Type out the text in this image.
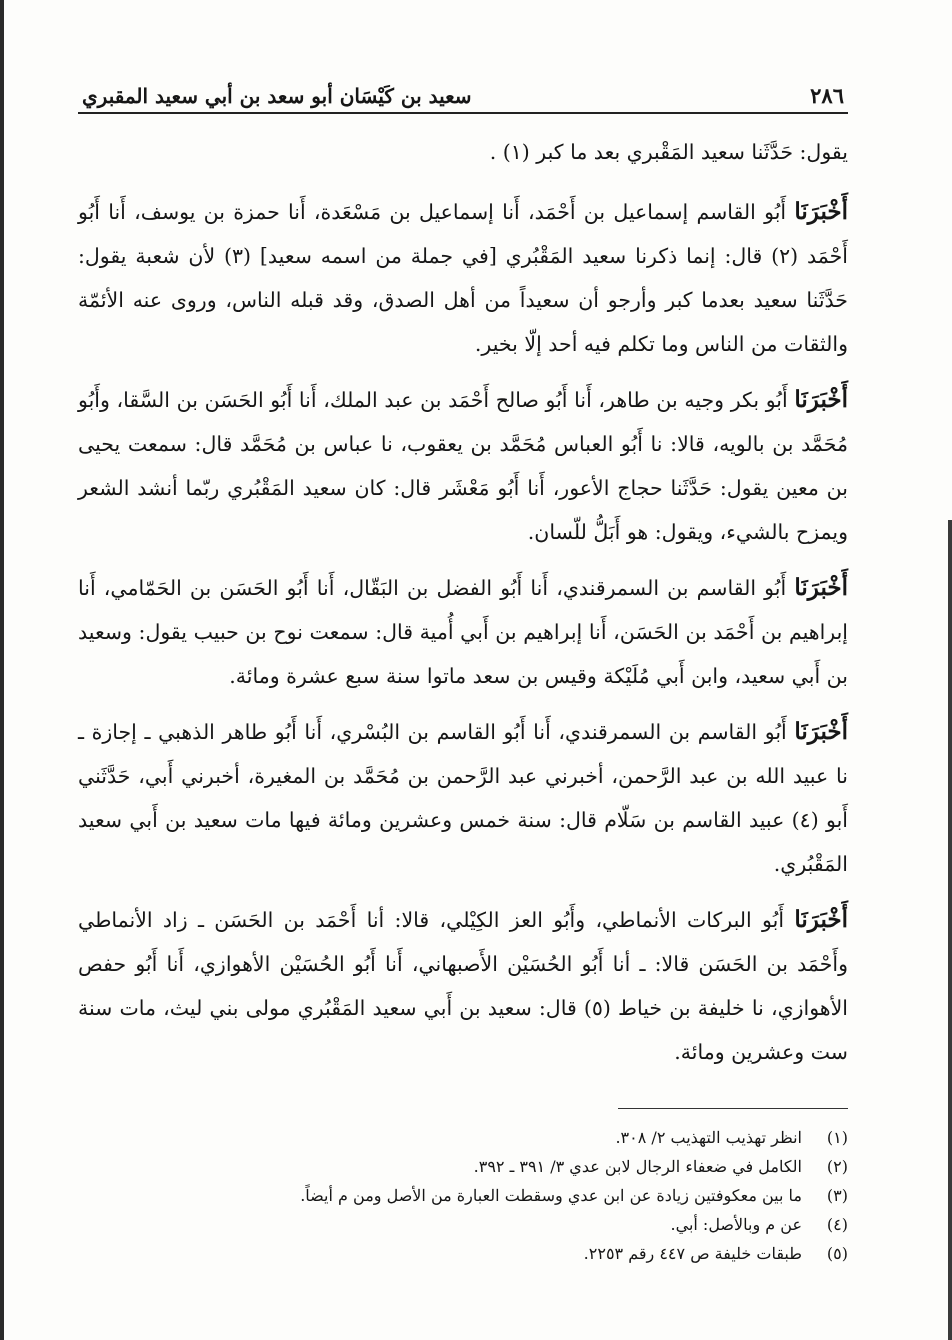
٢٨٦
سعيد بن كَيْسَان أبو سعد بن أبي سعيد المقبري

يقول: حَدَّثَنا سعيد المَقْبري بعد ما كبر (١) .

أَخْبَرَنَا أَبُو القاسم إسماعيل بن أَحْمَد، أَنا إسماعيل بن مَسْعَدة، أَنا حمزة بن يوسف، أَنا أَبُو أَحْمَد (٢) قال: إنما ذكرنا سعيد المَقْبُري [في جملة من اسمه سعيد] (٣) لأن شعبة يقول: حَدَّثَنا سعيد بعدما كبر وأرجو أن سعيداً من أهل الصدق، وقد قبله الناس، وروى عنه الأئمّة والثقات من الناس وما تكلم فيه أحد إلّا بخير.

أَخْبَرَنَا أَبُو بكر وجيه بن طاهر، أَنا أَبُو صالح أَحْمَد بن عبد الملك، أَنا أَبُو الحَسَن بن السَّقا، وأَبُو مُحَمَّد بن بالويه، قالا: نا أَبُو العباس مُحَمَّد بن يعقوب، نا عباس بن مُحَمَّد قال: سمعت يحيى بن معين يقول: حَدَّثَنا حجاج الأعور، أَنا أَبُو مَعْشَر قال: كان سعيد المَقْبُري ربّما أنشد الشعر ويمزح بالشيء، ويقول: هو أَبَلُّ للّسان.

أَخْبَرَنَا أَبُو القاسم بن السمرقندي، أَنا أَبُو الفضل بن البَقّال، أَنا أَبُو الحَسَن بن الحَمّامي، أَنا إبراهيم بن أَحْمَد بن الحَسَن، أَنا إبراهيم بن أَبي أُمية قال: سمعت نوح بن حبيب يقول: وسعيد بن أَبي سعيد، وابن أَبي مُلَيْكة وقيس بن سعد ماتوا سنة سبع عشرة ومائة.

أَخْبَرَنَا أَبُو القاسم بن السمرقندي، أَنا أَبُو القاسم بن البُسْري، أَنا أَبُو طاهر الذهبي ـ إجازة ـ نا عبيد الله بن عبد الرَّحمن، أخبرني عبد الرَّحمن بن مُحَمَّد بن المغيرة، أخبرني أَبي، حَدَّثَني أَبو (٤) عبيد القاسم بن سَلّام قال: سنة خمس وعشرين ومائة فيها مات سعيد بن أَبي سعيد المَقْبُري.

أَخْبَرَنَا أَبُو البركات الأنماطي، وأَبُو العز الكِيْلي، قالا: أنا أَحْمَد بن الحَسَن ـ زاد الأنماطي وأَحْمَد بن الحَسَن قالا: ـ أنا أَبُو الحُسَيْن الأَصبهاني، أَنا أَبُو الحُسَيْن الأهوازي، أَنا أَبُو حفص الأهوازي، نا خليفة بن خياط (٥) قال: سعيد بن أَبي سعيد المَقْبُري مولى بني ليث، مات سنة ست وعشرين ومائة.

(١)
انظر تهذيب التهذيب ٢/ ٣٠٨.
(٢)
الكامل في ضعفاء الرجال لابن عدي ٣/ ٣٩١ ـ ٣٩٢.
(٣)
ما بين معكوفتين زيادة عن ابن عدي وسقطت العبارة من الأصل ومن م أيضاً.
(٤)
عن م وبالأصل: أبي.
(٥)
طبقات خليفة ص ٤٤٧ رقم ٢٢٥٣.
